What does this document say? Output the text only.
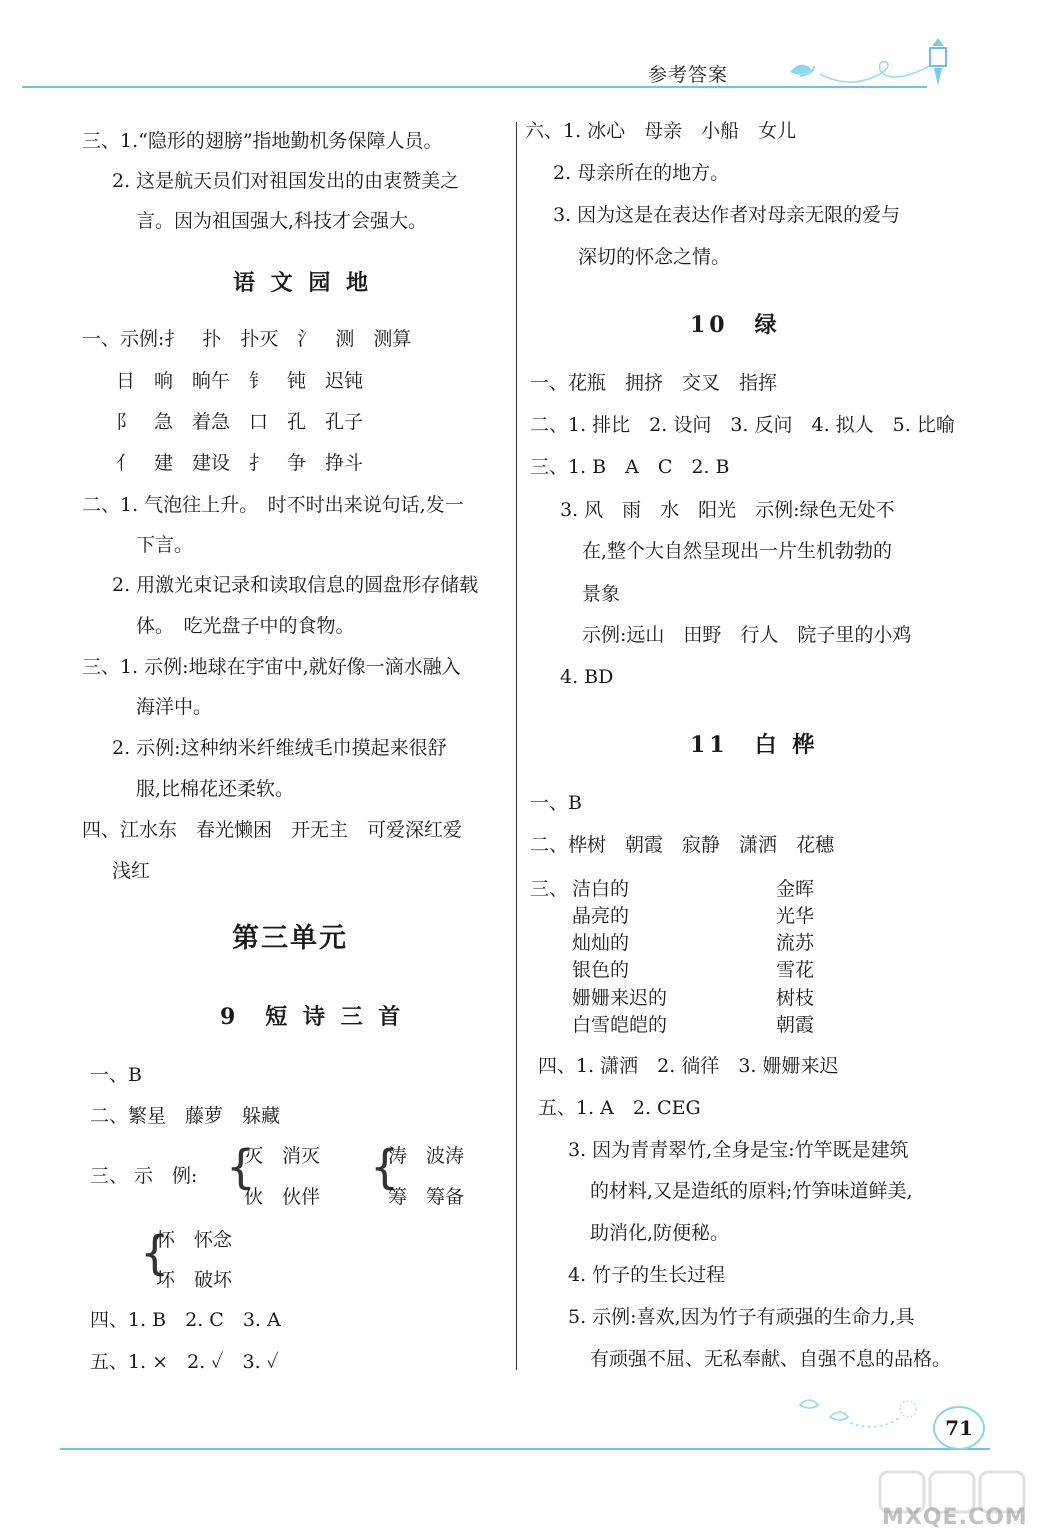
参考答案
三、1.“隐形的翅膀”指地勤机务保障人员。
2. 这是航天员们对祖国发出的由衷赞美之
言。因为祖国强大,科技才会强大。
语 文 园 地
一、示例:扌　扑　扑灭　氵　测　测算
日　响　晌午　钅　钝　迟钝
阝　急　着急　口　孔　孔子
亻　建　建设　扌　争　挣斗
二、1. 气泡往上升。　时不时出来说句话,发一
下言。
2. 用激光束记录和读取信息的圆盘形存储载
体。　吃光盘子中的食物。
三、1. 示例:地球在宇宙中,就好像一滴水融入
海洋中。
2. 示例:这种纳米纤维绒毛巾摸起来很舒
服,比棉花还柔软。
四、江水东　春光懒困　开无主　可爱深红爱
浅红
第三单元
9　短 诗 三 首
一、B
二、繁星　藤萝　躲藏
三、 示　例: {
灭　消灭
伙　伙伴
{
涛　波涛
筹　筹备
{
怀　怀念
坏　破坏
四、1. B　2. C　3. A
五、1. ×　2. ✓　3. ✓
六、1. 冰心　母亲　小船　女儿
2. 母亲所在的地方。
3. 因为这是在表达作者对母亲无限的爱与
深切的怀念之情。
10　绿
一、花瓶　拥挤　交叉　指挥
二、1. 排比　2. 设问　3. 反问　4. 拟人　5. 比喻
三、1. B　A　C　2. B
3. 风　雨　水　阳光　示例:绿色无处不
在,整个大自然呈现出一片生机勃勃的
景象
示例:远山　田野　行人　院子里的小鸡
4. BD
11　白 桦
一、B
二、桦树　朝霞　寂静　潇洒　花穗
三、 洁白的
晶亮的
灿灿的
银色的
姗姗来迟的
白雪皑皑的
金晖
光华
流苏
雪花
树枝
朝霞
四、1. 潇洒　2. 徜徉　3. 姗姗来迟
五、1. A　2. CEG
3. 因为青青翠竹,全身是宝:竹竿既是建筑
的材料,又是造纸的原料;竹笋味道鲜美,
助消化,防便秘。
4. 竹子的生长过程
5. 示例:喜欢,因为竹子有顽强的生命力,具
有顽强不屈、无私奉献、自强不息的品格。
71
MXQE.COM
